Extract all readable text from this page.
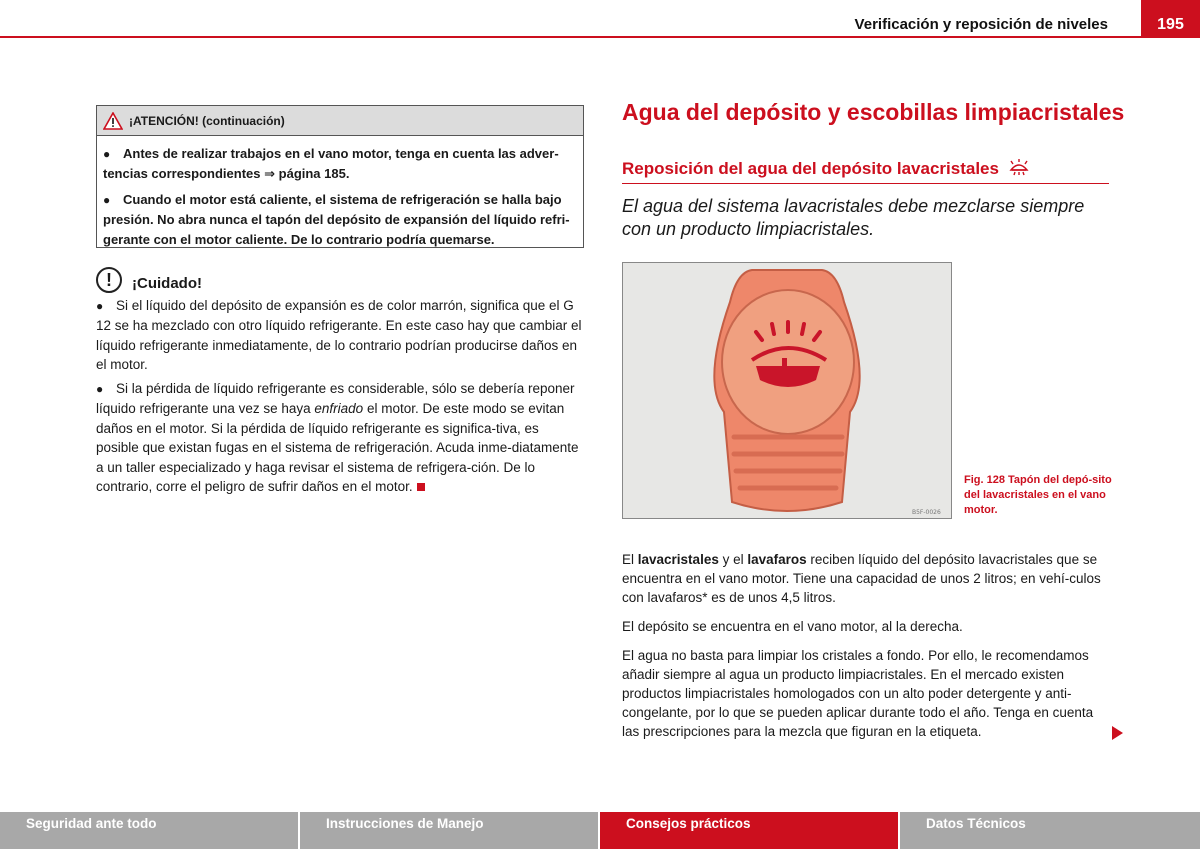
Verificación y reposición de niveles	195
¡ATENCIÓN! (continuación)

● Antes de realizar trabajos en el vano motor, tenga en cuenta las adver-tencias correspondientes ⇒ página 185.

● Cuando el motor está caliente, el sistema de refrigeración se halla bajo presión. No abra nunca el tapón del depósito de expansión del líquido refri-gerante con el motor caliente. De lo contrario podría quemarse.

!	¡Cuidado!

● Si el líquido del depósito de expansión es de color marrón, significa que el G 12 se ha mezclado con otro líquido refrigerante. En este caso hay que cambiar el líquido refrigerante inmediatamente, de lo contrario podrían producirse daños en el motor.

● Si la pérdida de líquido refrigerante es considerable, sólo se debería reponer líquido refrigerante una vez se haya enfriado el motor. De este modo se evitan daños en el motor. Si la pérdida de líquido refrigerante es significa-tiva, es posible que existan fugas en el sistema de refrigeración. Acuda inme-diatamente a un taller especializado y haga revisar el sistema de refrigera-ción. De lo contrario, corre el peligro de sufrir daños en el motor.

Agua del depósito y escobillas limpiacristales
Reposición del agua del depósito lavacristales
El agua del sistema lavacristales debe mezclarse siempre con un producto limpiacristales.
B5F-0026
Fig. 128 Tapón del depó-sito del lavacristales en el vano motor.

El lavacristales y el lavafaros reciben líquido del depósito lavacristales que se encuentra en el vano motor. Tiene una capacidad de unos 2 litros; en vehí-culos con lavafaros* es de unos 4,5 litros.

El depósito se encuentra en el vano motor, al la derecha.

El agua no basta para limpiar los cristales a fondo. Por ello, le recomendamos añadir siempre al agua un producto limpiacristales. En el mercado existen productos limpiacristales homologados con un alto poder detergente y anti-congelante, por lo que se pueden aplicar durante todo el año. Tenga en cuenta las prescripciones para la mezcla que figuran en la etiqueta.

Seguridad ante todo	Instrucciones de Manejo	Consejos prácticos	Datos Técnicos
